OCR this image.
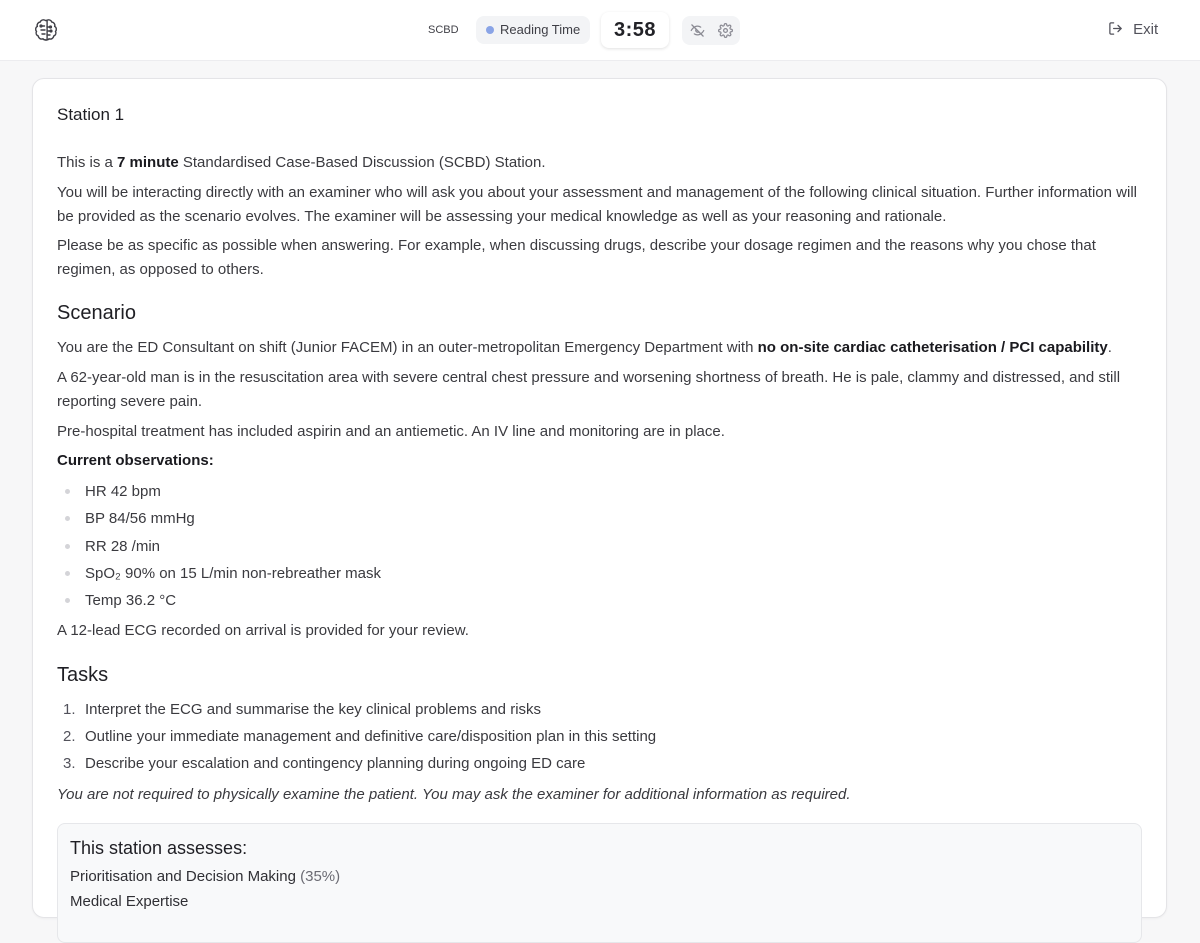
SCBD	Reading Time	3:58	Exit
Station 1
This is a 7 minute Standardised Case-Based Discussion (SCBD) Station.
You will be interacting directly with an examiner who will ask you about your assessment and management of the following clinical situation. Further information will be provided as the scenario evolves. The examiner will be assessing your medical knowledge as well as your reasoning and rationale.
Please be as specific as possible when answering. For example, when discussing drugs, describe your dosage regimen and the reasons why you chose that regimen, as opposed to others.
Scenario
You are the ED Consultant on shift (Junior FACEM) in an outer-metropolitan Emergency Department with no on-site cardiac catheterisation / PCI capability.
A 62-year-old man is in the resuscitation area with severe central chest pressure and worsening shortness of breath. He is pale, clammy and distressed, and still reporting severe pain.
Pre-hospital treatment has included aspirin and an antiemetic. An IV line and monitoring are in place.
Current observations:
HR 42 bpm
BP 84/56 mmHg
RR 28 /min
SpO₂ 90% on 15 L/min non-rebreather mask
Temp 36.2 °C
A 12-lead ECG recorded on arrival is provided for your review.
Tasks
1. Interpret the ECG and summarise the key clinical problems and risks
2. Outline your immediate management and definitive care/disposition plan in this setting
3. Describe your escalation and contingency planning during ongoing ED care
You are not required to physically examine the patient. You may ask the examiner for additional information as required.
This station assesses:
Prioritisation and Decision Making (35%)
Medical Expertise
